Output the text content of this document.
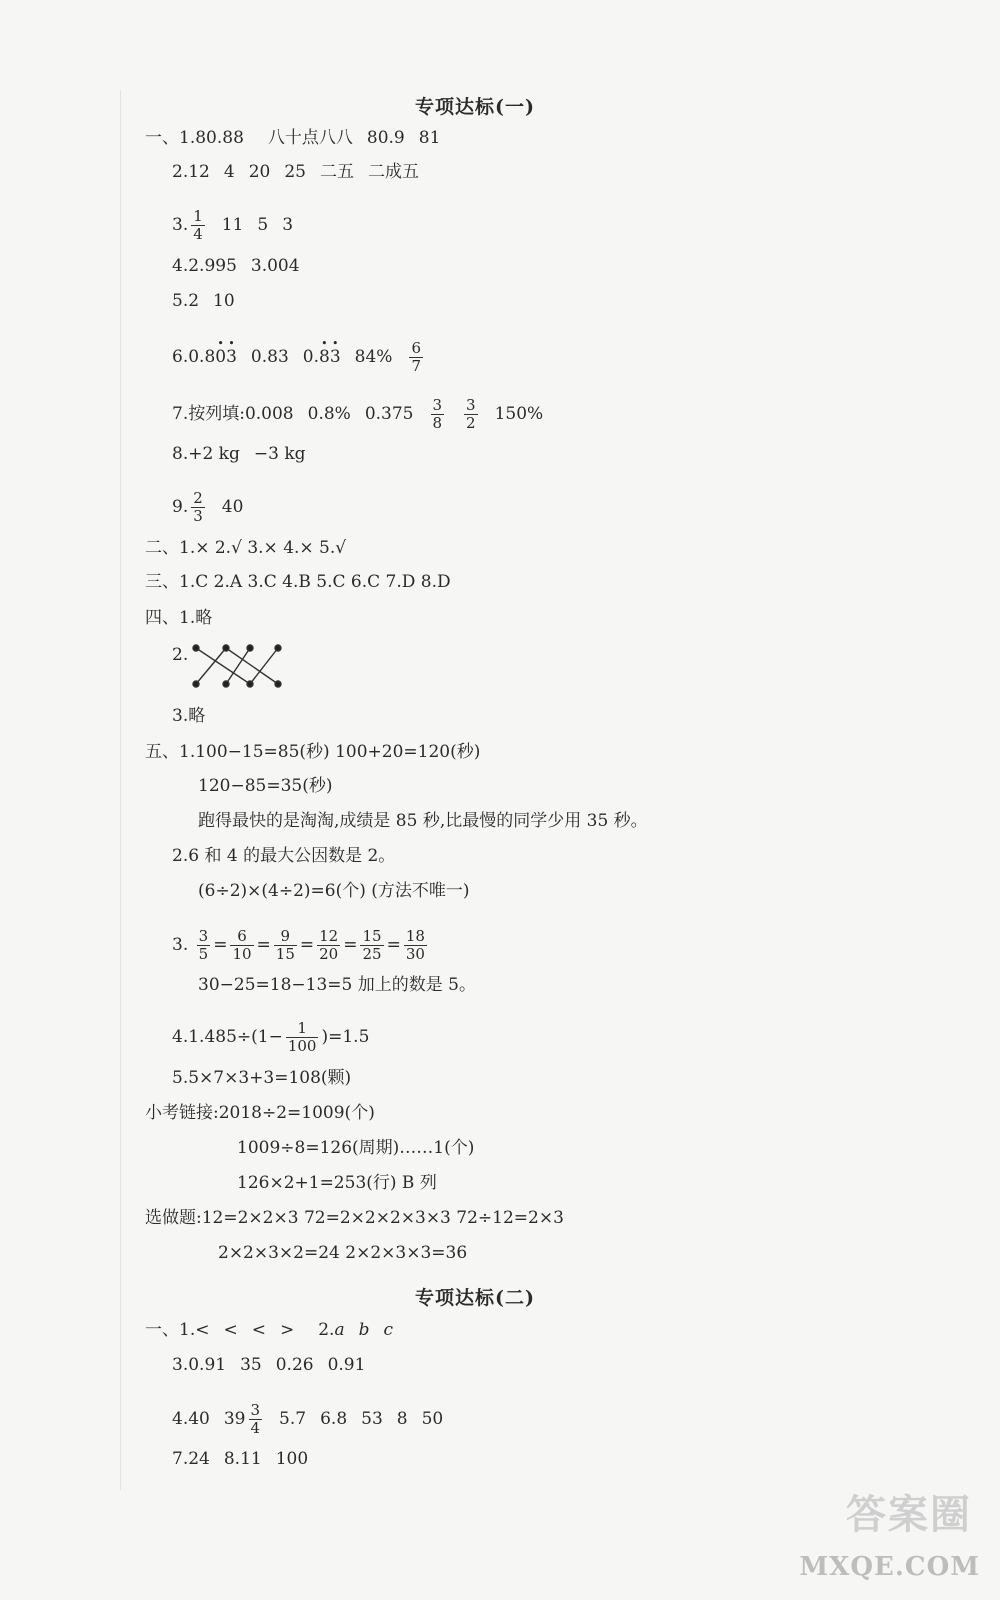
专项达标(一)
一、1.80.88 八十点八八 80.9 81
2.12 4 20 25 二五 二成五
3. $\frac{1}{4} 11$ 5 3
4.2.995 3.004
5.2 10
6.0.8• 0• 3 0.83 0.• 8• 3 $84\% \frac{6}{7}$
7.按列填:0.008 0.8% $0.375 \frac{3}{8} \frac{3}{2} 150\%$
8.+2 kg −3 kg
9. $\frac{2}{3} 40$
二、1.× 2.√ 3.× 4.× 5.√
三、1.C 2.A 3.C 4.B 5.C 6.C 7.D 8.D
四、1.略
2.
3.略
五、1.100−15=85(秒) 100+20=120(秒)
120−85=35(秒)
跑得最快的是淘淘,成绩是 85 秒,比最慢的同学少用 35 秒。
2.6 和 4 的最大公因数是 2。
(6÷2)×(4÷2)=6(个) (方法不唯一)
3. $\frac{3}{5} = \frac{6}{10} = \frac{9}{15} = \frac{12}{20} = \frac{15}{25} = \frac{18}{30}$
30−25=18−13=5 加上的数是 5。
$4.1.485\div(1- \frac{1}{100} )=1.5$
5.5×7×3+3=108(颗)
小考链接:2018÷2=1009(个)
1009÷8=126(周期)……1(个)
126×2+1=253(行) B 列
选做题:12=2×2×3 72=2×2×2×3×3 72÷12=2×3
2×2×3×2=24 2×2×3×3=36
专项达标(二)
一、1.< < < > 2.a b c
3.0.91 35 0.26 0.91
4.40 $39 \frac{3}{4} 5.7$ 6.8 53 8 50
7.24 8.11 100
答案圈
MXQE.COM
